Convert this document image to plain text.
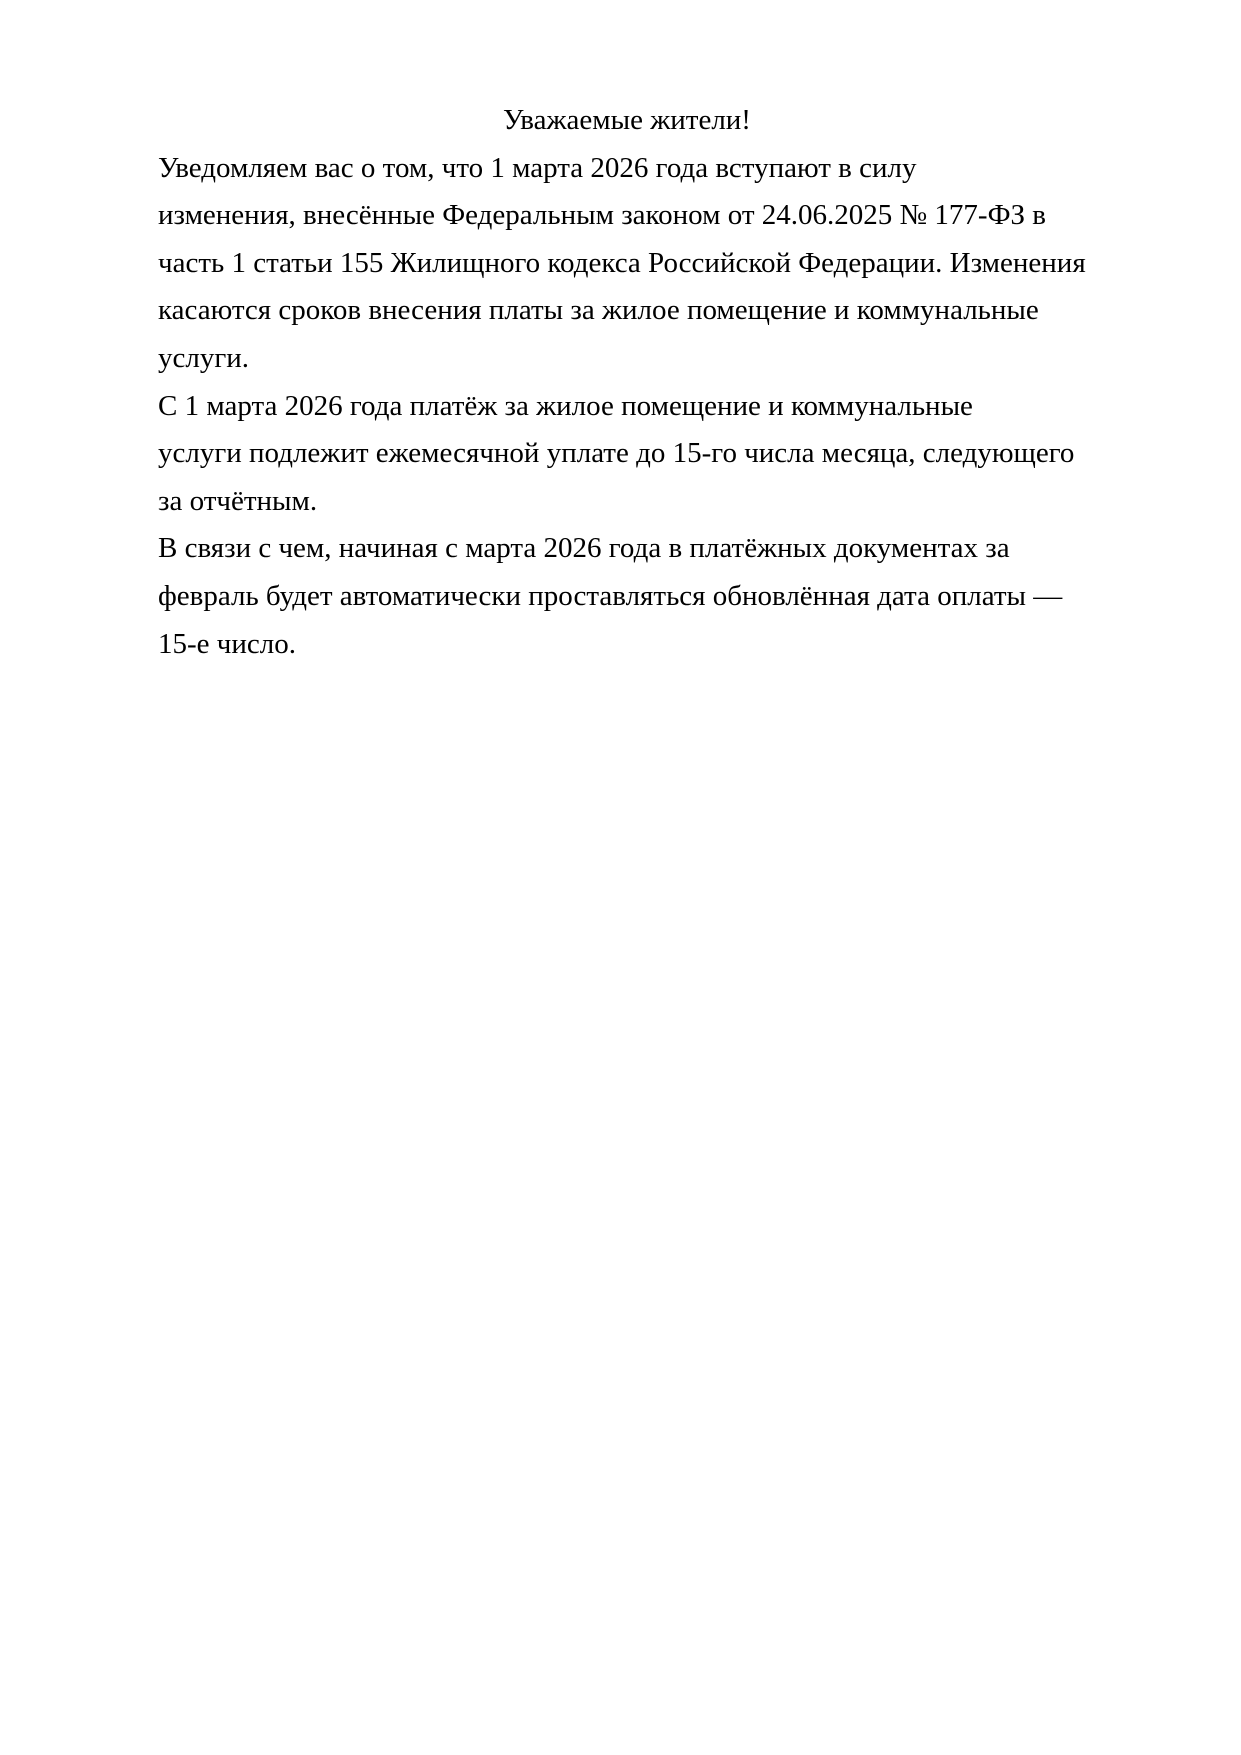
Уважаемые жители!
Уведомляем вас о том, что 1 марта 2026 года вступают в силу
изменения, внесённые Федеральным законом от 24.06.2025 № 177-ФЗ в
часть 1 статьи 155 Жилищного кодекса Российской Федерации. Изменения
касаются сроков внесения платы за жилое помещение и коммунальные
услуги.
С 1 марта 2026 года платёж за жилое помещение и коммунальные
услуги подлежит ежемесячной уплате до 15-го числа месяца, следующего
за отчётным.
В связи с чем, начиная с марта 2026 года в платёжных документах за
февраль будет автоматически проставляться обновлённая дата оплаты —
15-е число.
